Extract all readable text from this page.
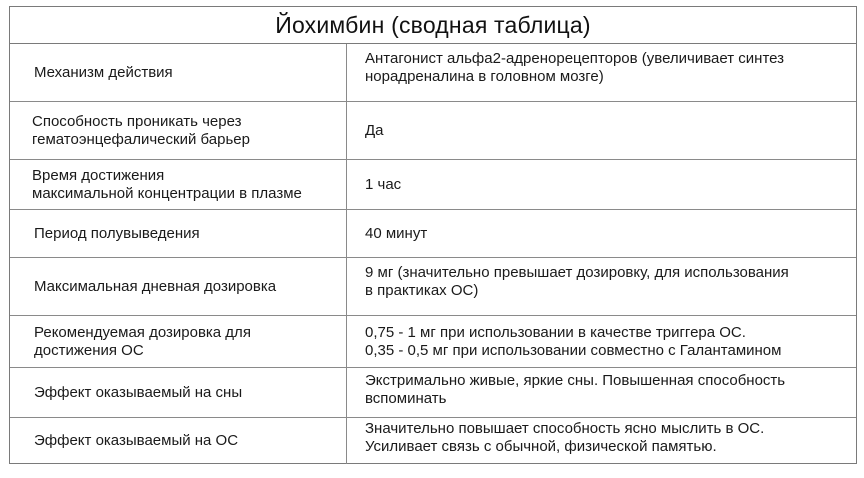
Йохимбин (сводная таблица)
Механизм действия
Антагонист альфа2-адренорецепторов (увеличивает синтез
норадреналина в головном мозге)
Способность проникать через
гематоэнцефалический барьер
Да
Время достижения
максимальной концентрации в плазме
1 час
Период полувыведения	40 минут
Максимальная дневная дозировка
9 мг (значительно превышает дозировку, для использования
в практиках ОС)
Рекомендуемая дозировка для
достижения ОС
0,75 - 1 мг при использовании в качестве триггера ОС.
0,35 - 0,5 мг при использовании совместно с Галантамином
Эффект оказываемый на сны
Экстримально живые, яркие сны. Повышенная способность
вспоминать
Эффект оказываемый на ОС
Значительно повышает способность ясно мыслить в ОС.
Усиливает связь с обычной, физической памятью.
